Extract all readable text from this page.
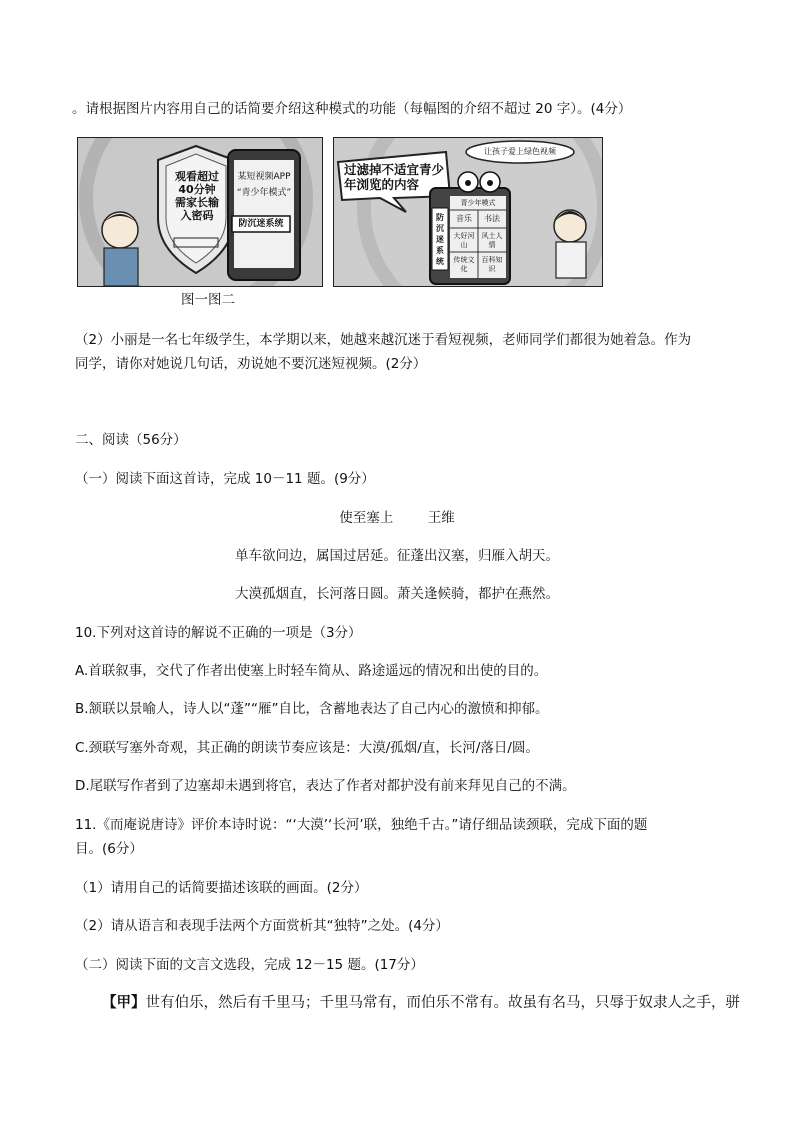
。请根据图片内容用自己的话简要介绍这种模式的功能（每幅图的介绍不超过 20 字）。(4分）
观看超过
40分钟
需家长输
入密码
某短视频APP
“青少年模式”
防沉迷系统
过滤掉不适宜青少年浏览的内容
让孩子爱上绿色视频
青少年模式
音乐	书法
大好河山
风土人情
传统文化
百科知识
防沉迷系统
图一图二
（2）小丽是一名七年级学生，本学期以来，她越来越沉迷于看短视频，老师同学们都很为她着急。作为
同学，请你对她说几句话，劝说她不要沉迷短视频。(2分）
二、阅读（56分）
（一）阅读下面这首诗，完成 10－11 题。(9分）
使至塞上	王维
单车欲问边，属国过居延。征蓬出汉塞，归雁入胡天。
大漠孤烟直，长河落日圆。萧关逢候骑，都护在燕然。
10.下列对这首诗的解说不正确的一项是（3分）
A.首联叙事，交代了作者出使塞上时轻车简从、路途遥远的情况和出使的目的。
B.颔联以景喻人，诗人以“蓬”“雁”自比，含蓄地表达了自己内心的激愤和抑郁。
C.颈联写塞外奇观，其正确的朗读节奏应该是：大漠/孤烟/直，长河/落日/圆。
D.尾联写作者到了边塞却未遇到将官，表达了作者对都护没有前来拜见自己的不满。
11.《而庵说唐诗》评价本诗时说：“‘大漠’‘长河’联，独绝千古。”请仔细品读颈联，完成下面的题
目。(6分）
（1）请用自己的话简要描述该联的画面。(2分）
（2）请从语言和表现手法两个方面赏析其“独特”之处。(4分）
（二）阅读下面的文言文选段，完成 12－15 题。(17分）
【甲】世有伯乐，然后有千里马；千里马常有，而伯乐不常有。故虽有名马，只辱于奴隶人之手，骈
